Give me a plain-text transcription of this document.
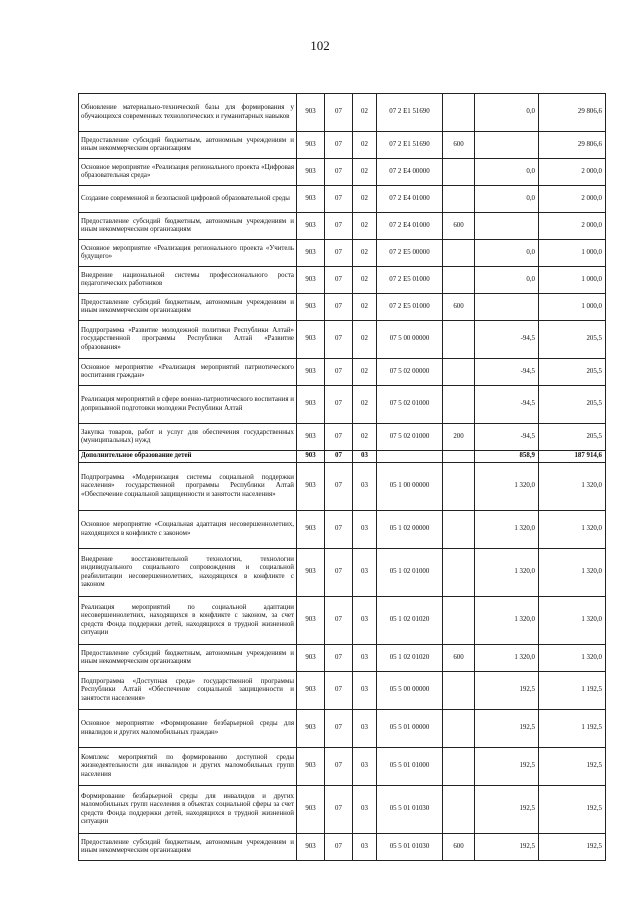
102
Обновление материально-технической базы для формирования у обучающихся современных технологических и гуманитарных навыков	903	07	02	07 2 E1 51690		0,0	29 806,6
Предоставление субсидий бюджетным, автономным учреждениям и иным некоммерческим организациям	903	07	02	07 2 E1 51690	600		29 806,6
Основное мероприятие «Реализация регионального проекта «Цифровая образовательная среда»	903	07	02	07 2 E4 00000		0,0	2 000,0
Создание современной и безопасной цифровой образовательной среды	903	07	02	07 2 E4 01000		0,0	2 000,0
Предоставление субсидий бюджетным, автономным учреждениям и иным некоммерческим организациям	903	07	02	07 2 E4 01000	600		2 000,0
Основное мероприятие «Реализация регионального проекта «Учитель будущего»	903	07	02	07 2 E5 00000		0,0	1 000,0
Внедрение национальной системы профессионального роста педагогических работников	903	07	02	07 2 E5 01000		0,0	1 000,0
Предоставление субсидий бюджетным, автономным учреждениям и иным некоммерческим организациям	903	07	02	07 2 E5 01000	600		1 000,0
Подпрограмма «Развитие молодежной политики Республики Алтай» государственной программы Республики Алтай «Развитие образования»	903	07	02	07 5 00 00000		-94,5	205,5
Основное мероприятие «Реализация мероприятий патриотического воспитания граждан»	903	07	02	07 5 02 00000		-94,5	205,5
Реализация мероприятий в сфере военно-патриотического воспитания и допризывной подготовки молодежи Республики Алтай	903	07	02	07 5 02 01000		-94,5	205,5
Закупка товаров, работ и услуг для обеспечения государственных (муниципальных) нужд	903	07	02	07 5 02 01000	200	-94,5	205,5
Дополнительное образование детей	903	07	03			858,9	187 914,6
Подпрограмма «Модернизация системы социальной поддержки населения» государственной программы Республики Алтай «Обеспечение социальной защищенности и занятости населения»	903	07	03	05 1 00 00000		1 320,0	1 320,0
Основное мероприятие «Социальная адаптация несовершеннолетних, находящихся в конфликте с законом»	903	07	03	05 1 02 00000		1 320,0	1 320,0
Внедрение восстановительной технологии, технологии индивидуального социального сопровождения и социальной реабилитации несовершеннолетних, находящихся в конфликте с законом	903	07	03	05 1 02 01000		1 320,0	1 320,0
Реализация мероприятий по социальной адаптации несовершеннолетних, находящихся в конфликте с законом, за счет средств Фонда поддержки детей, находящихся в трудной жизненной ситуации	903	07	03	05 1 02 01020		1 320,0	1 320,0
Предоставление субсидий бюджетным, автономным учреждениям и иным некоммерческим организациям	903	07	03	05 1 02 01020	600	1 320,0	1 320,0
Подпрограмма «Доступная среда» государственной программы Республики Алтай «Обеспечение социальной защищенности и занятости населения»	903	07	03	05 5 00 00000		192,5	1 192,5
Основное мероприятие «Формирование безбарьерной среды для инвалидов и других маломобильных граждан»	903	07	03	05 5 01 00000		192,5	1 192,5
Комплекс мероприятий по формированию доступной среды жизнедеятельности для инвалидов и других маломобильных групп населения	903	07	03	05 5 01 01000		192,5	192,5
Формирование безбарьерной среды для инвалидов и других маломобильных групп населения в объектах социальной сферы за счет средств Фонда поддержки детей, находящихся в трудной жизненной ситуации	903	07	03	05 5 01 01030		192,5	192,5
Предоставление субсидий бюджетным, автономным учреждениям и иным некоммерческим организациям	903	07	03	05 5 01 01030	600	192,5	192,5
